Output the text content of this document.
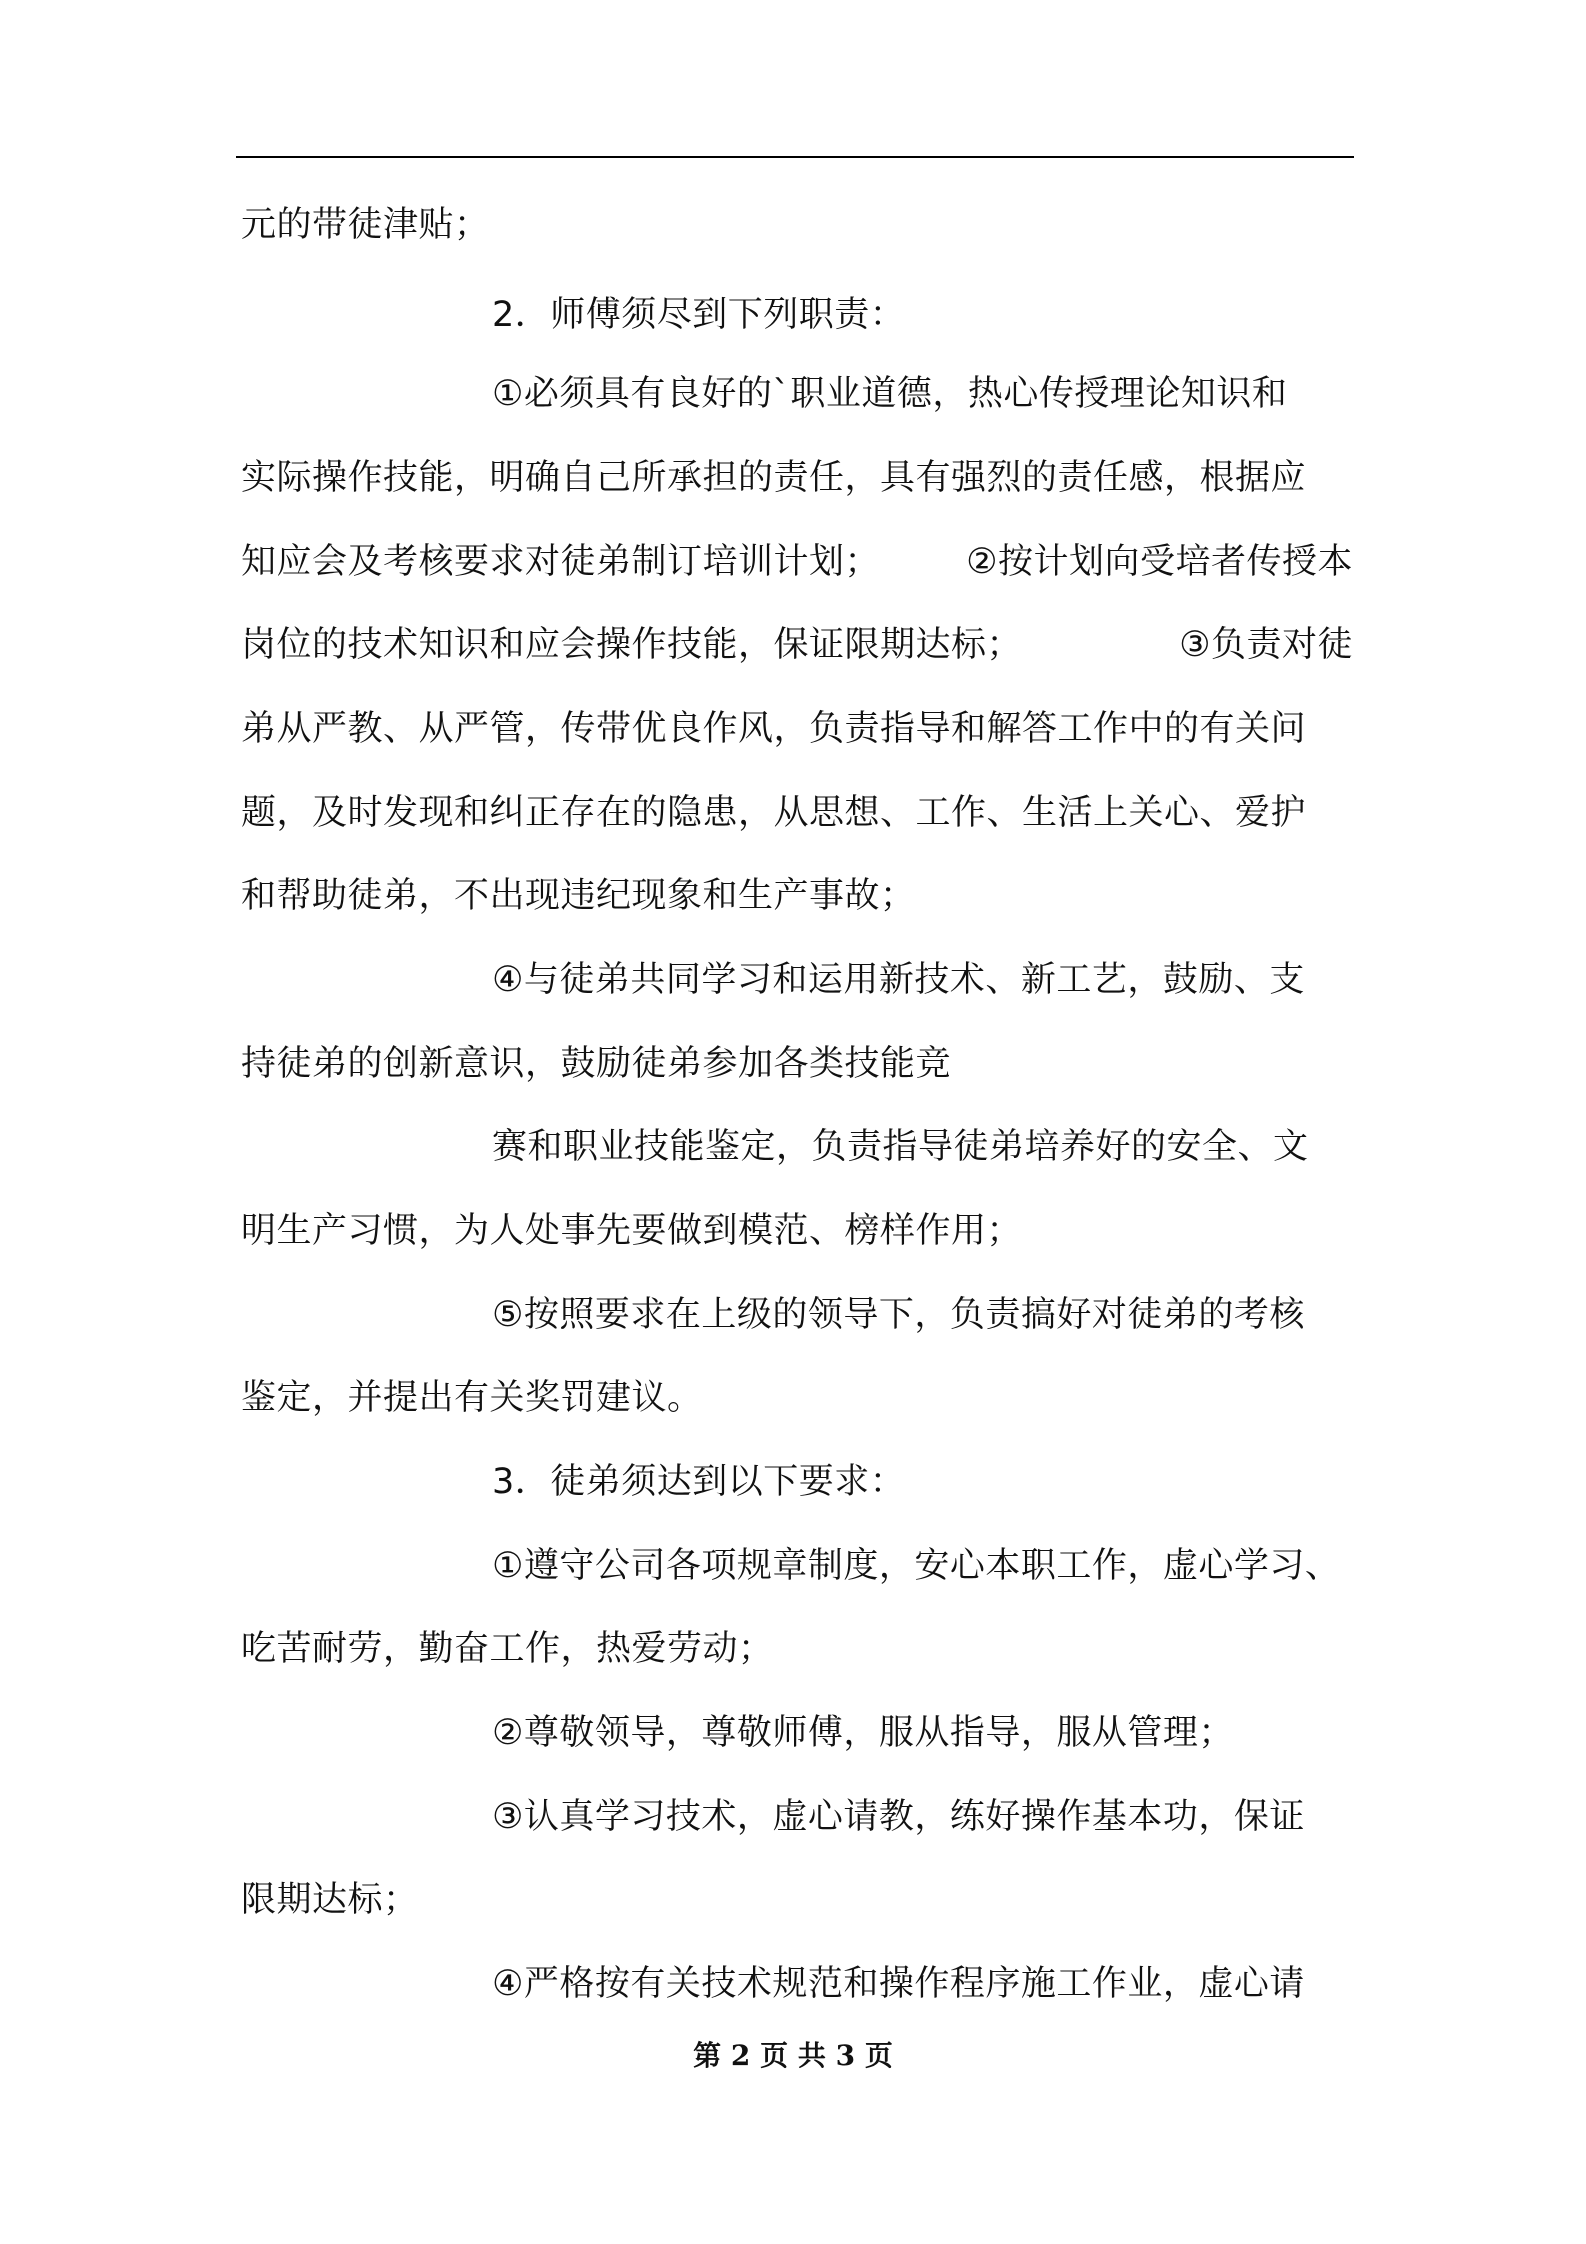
元的带徒津贴；
2．师傅须尽到下列职责：
①必须具有良好的`职业道德，热心传授理论知识和
实际操作技能，明确自己所承担的责任，具有强烈的责任感，根据应
知应会及考核要求对徒弟制订培训计划； ②按计划向受培者传授本
岗位的技术知识和应会操作技能，保证限期达标；	③负责对徒
弟从严教、从严管，传带优良作风，负责指导和解答工作中的有关问
题，及时发现和纠正存在的隐患，从思想、工作、生活上关心、爱护
和帮助徒弟，不出现违纪现象和生产事故；
④与徒弟共同学习和运用新技术、新工艺，鼓励、支
持徒弟的创新意识，鼓励徒弟参加各类技能竞
赛和职业技能鉴定，负责指导徒弟培养好的安全、文
明生产习惯，为人处事先要做到模范、榜样作用；
⑤按照要求在上级的领导下，负责搞好对徒弟的考核
鉴定，并提出有关奖罚建议。
3．徒弟须达到以下要求：
①遵守公司各项规章制度，安心本职工作，虚心学习、
吃苦耐劳，勤奋工作，热爱劳动；
②尊敬领导，尊敬师傅，服从指导，服从管理；
③认真学习技术，虚心请教，练好操作基本功，保证
限期达标；
④严格按有关技术规范和操作程序施工作业，虚心请
第 2 页 共 3 页
